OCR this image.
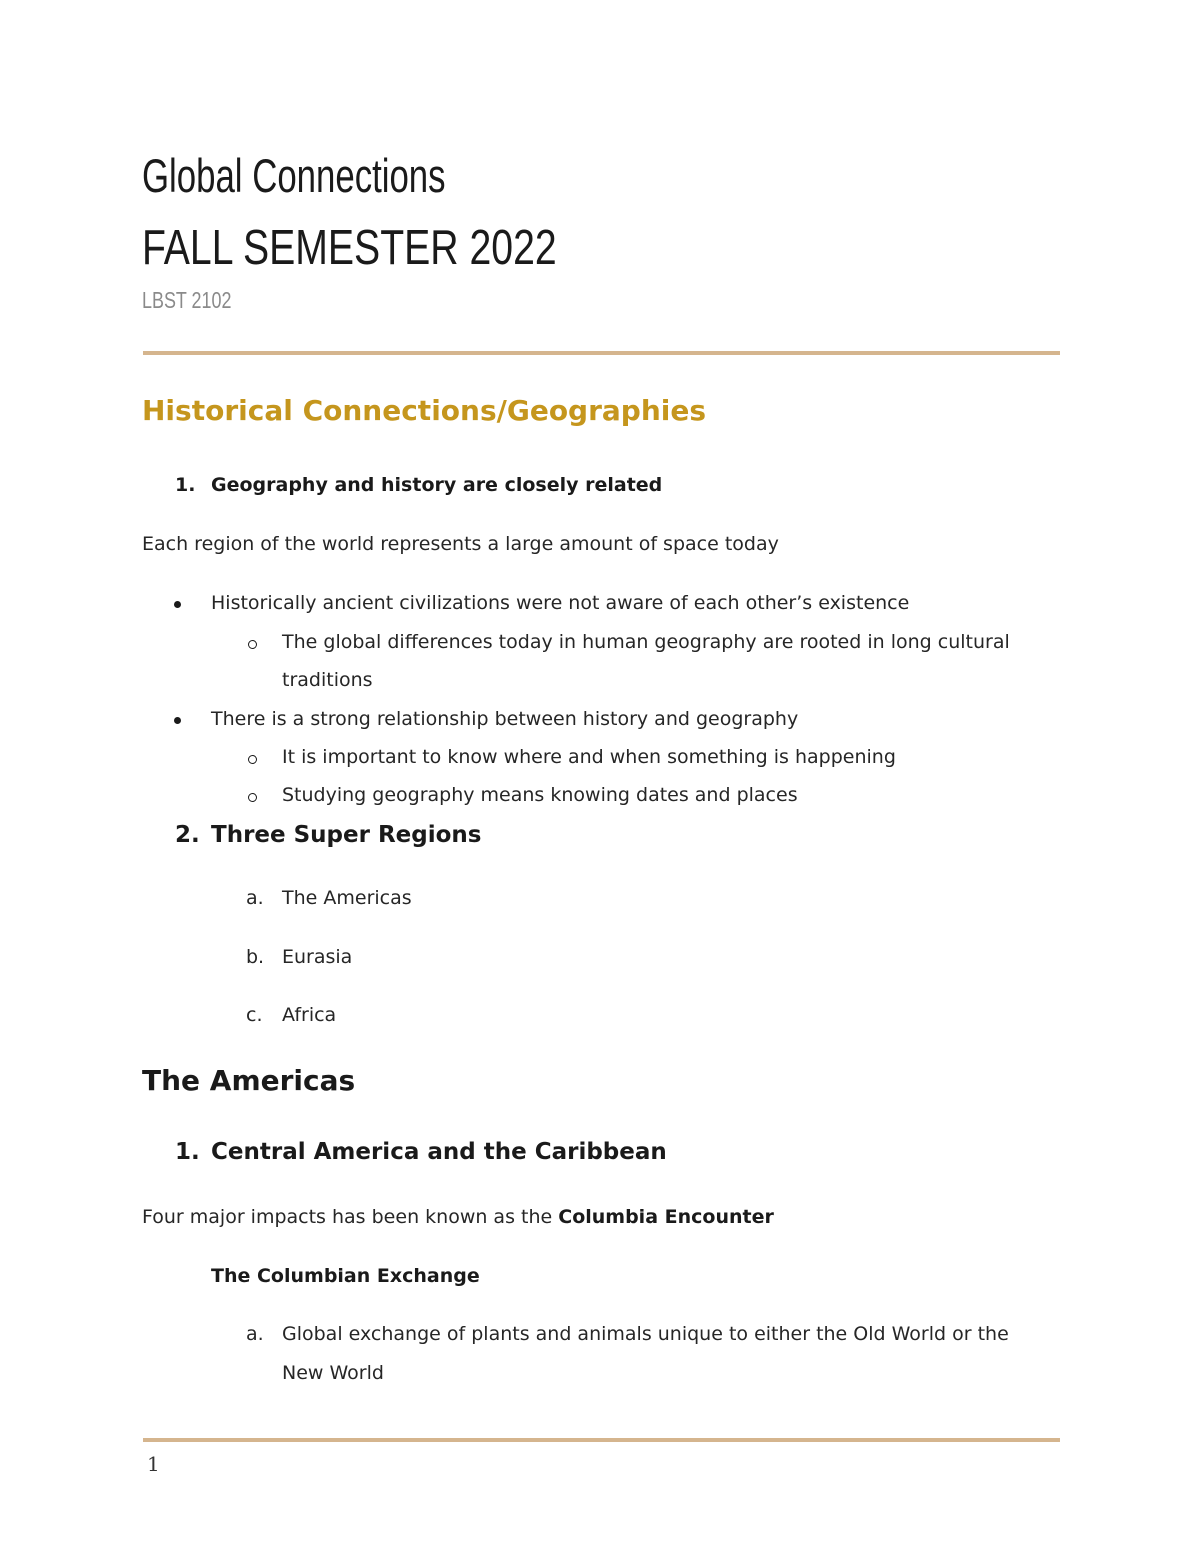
Global Connections
FALL SEMESTER 2022
LBST 2102
Historical Connections/Geographies
1. Geography and history are closely related
Each region of the world represents a large amount of space today
Historically ancient civilizations were not aware of each other’s existence
The global differences today in human geography are rooted in long cultural
traditions
There is a strong relationship between history and geography
It is important to know where and when something is happening
Studying geography means knowing dates and places
2. Three Super Regions
a. The Americas
b. Eurasia
c. Africa
The Americas
1. Central America and the Caribbean
Four major impacts has been known as the Columbia Encounter
The Columbian Exchange
a. Global exchange of plants and animals unique to either the Old World or the
New World
1
